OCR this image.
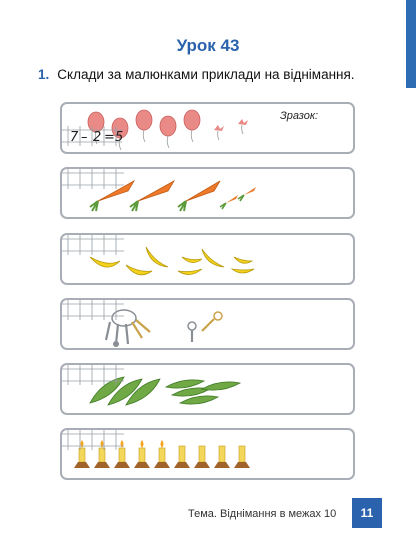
Урок 43
1. Склади за малюнками приклади на віднімання.
Зразок:
7 – 2 = 5
Тема. Віднімання в межах 10	11
